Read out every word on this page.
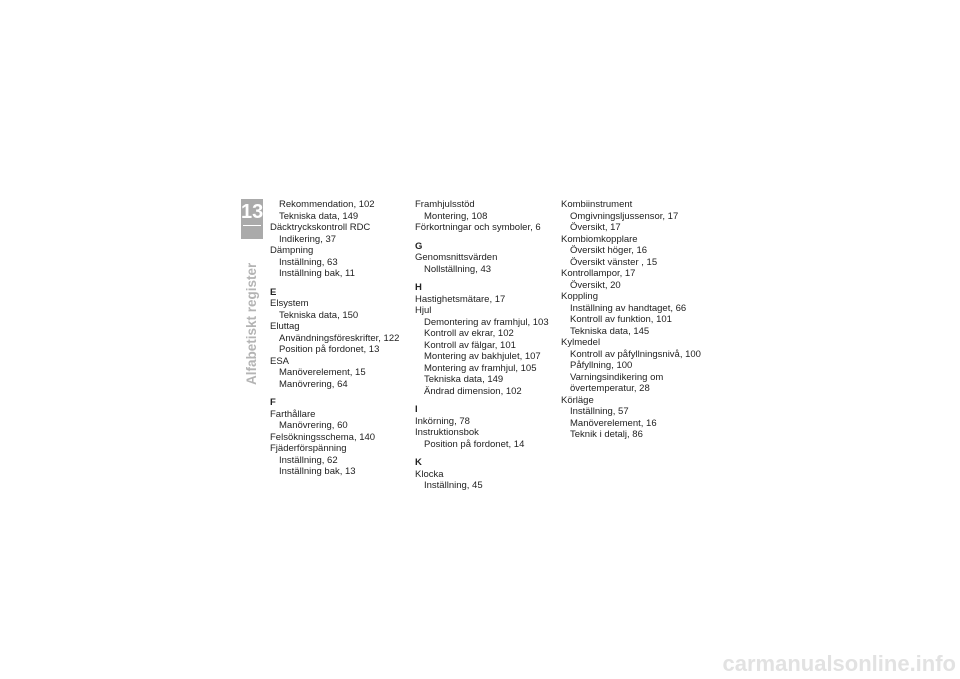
13
168
Alfabetiskt register
Rekommendation, 102
Tekniska data, 149
Däcktryckskontroll RDC
Indikering, 37
Dämpning
Inställning, 63
Inställning bak, 11
E
Elsystem
Tekniska data, 150
Eluttag
Användningsföreskrifter, 122
Position på fordonet, 13
ESA
Manöverelement, 15
Manövrering, 64
F
Farthållare
Manövrering, 60
Felsökningsschema, 140
Fjäderförspänning
Inställning, 62
Inställning bak, 13
Framhjulsstöd
Montering, 108
Förkortningar och symboler, 6
G
Genomsnittsvärden
Nollställning, 43
H
Hastighetsmätare, 17
Hjul
Demontering av framhjul, 103
Kontroll av ekrar, 102
Kontroll av fälgar, 101
Montering av bakhjulet, 107
Montering av framhjul, 105
Tekniska data, 149
Ändrad dimension, 102
I
Inkörning, 78
Instruktionsbok
Position på fordonet, 14
K
Klocka
Inställning, 45
Kombiinstrument
Omgivningsljussensor, 17
Översikt, 17
Kombiomkopplare
Översikt höger, 16
Översikt vänster , 15
Kontrollampor, 17
Översikt, 20
Koppling
Inställning av handtaget, 66
Kontroll av funktion, 101
Tekniska data, 145
Kylmedel
Kontroll av påfyllningsnivå, 100
Påfyllning, 100
Varningsindikering om övertemperatur, 28
Körläge
Inställning, 57
Manöverelement, 16
Teknik i detalj, 86
carmanualsonline.info
